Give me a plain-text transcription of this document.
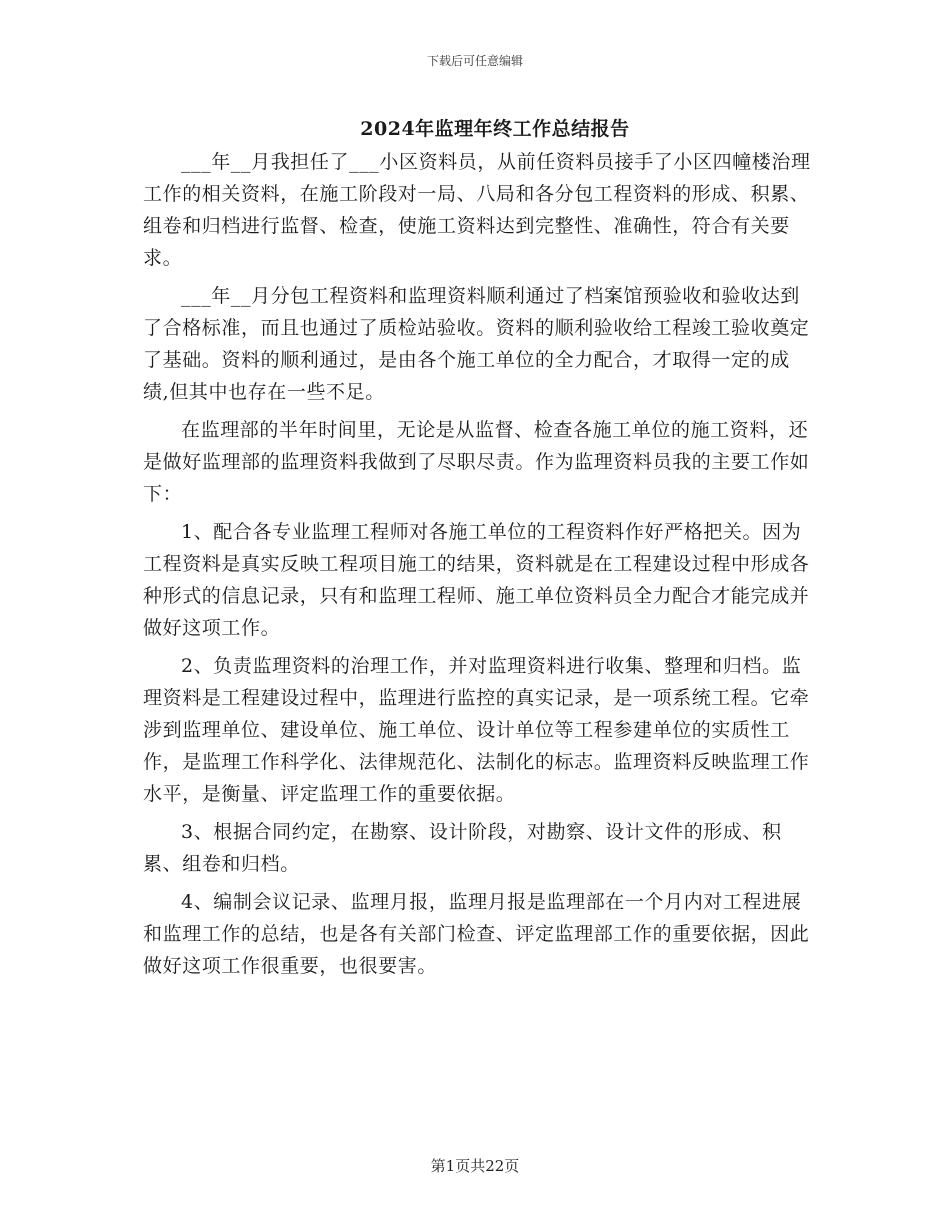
下载后可任意编辑
2024年监理年终工作总结报告

___年__月我担任了___小区资料员，从前任资料员接手了小区四幢楼治理工作的相关资料，在施工阶段对一局、八局和各分包工程资料的形成、积累、组卷和归档进行监督、检查，使施工资料达到完整性、准确性，符合有关要求。

___年__月分包工程资料和监理资料顺利通过了档案馆预验收和验收达到了合格标准，而且也通过了质检站验收。资料的顺利验收给工程竣工验收奠定了基础。资料的顺利通过，是由各个施工单位的全力配合，才取得一定的成绩,但其中也存在一些不足。

在监理部的半年时间里，无论是从监督、检查各施工单位的施工资料，还是做好监理部的监理资料我做到了尽职尽责。作为监理资料员我的主要工作如下：

1、配合各专业监理工程师对各施工单位的工程资料作好严格把关。因为工程资料是真实反映工程项目施工的结果，资料就是在工程建设过程中形成各种形式的信息记录，只有和监理工程师、施工单位资料员全力配合才能完成并做好这项工作。

2、负责监理资料的治理工作，并对监理资料进行收集、整理和归档。监理资料是工程建设过程中，监理进行监控的真实记录，是一项系统工程。它牵涉到监理单位、建设单位、施工单位、设计单位等工程参建单位的实质性工作，是监理工作科学化、法律规范化、法制化的标志。监理资料反映监理工作水平，是衡量、评定监理工作的重要依据。

3、根据合同约定，在勘察、设计阶段，对勘察、设计文件的形成、积累、组卷和归档。

4、编制会议记录、监理月报，监理月报是监理部在一个月内对工程进展和监理工作的总结，也是各有关部门检查、评定监理部工作的重要依据，因此做好这项工作很重要，也很要害。

第1页共22页
